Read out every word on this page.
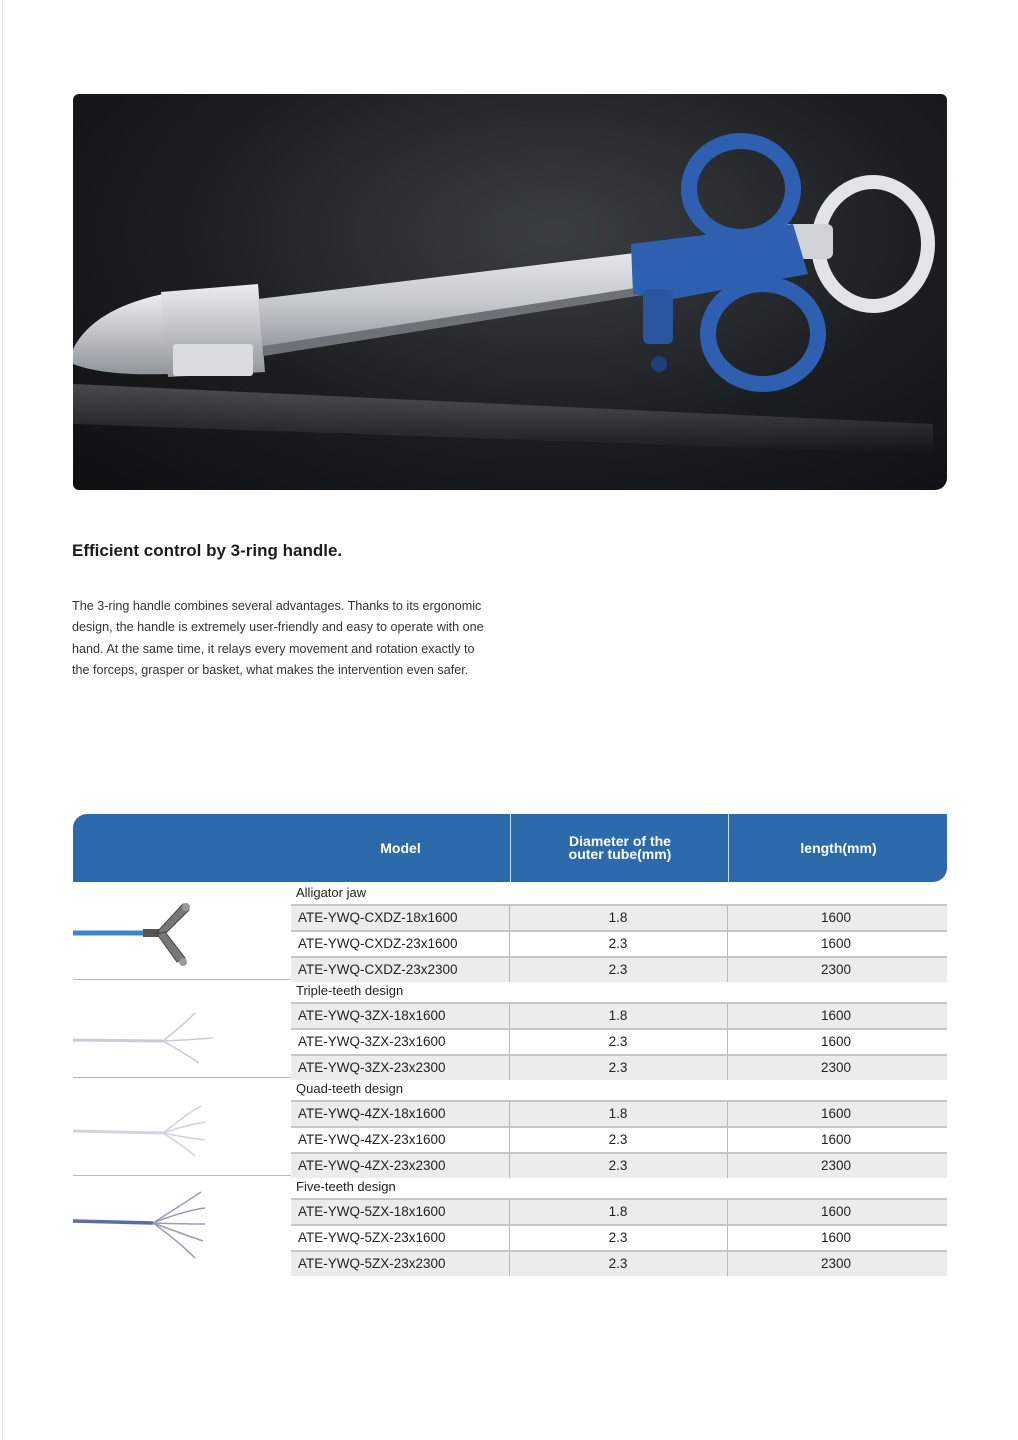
Efficient control by 3-ring handle.

The 3-ring handle combines several advantages. Thanks to its ergonomic design, the handle is extremely user-friendly and easy to operate with one hand. At the same time, it relays every movement and rotation exactly to the forceps, grasper or basket, what makes the intervention even safer.

Model	Diameter of the outer tube(mm)	length(mm)
Alligator jaw
ATE-YWQ-CXDZ-18x1600	1.8	1600
ATE-YWQ-CXDZ-23x1600	2.3	1600
ATE-YWQ-CXDZ-23x2300	2.3	2300
Triple-teeth design
ATE-YWQ-3ZX-18x1600	1.8	1600
ATE-YWQ-3ZX-23x1600	2.3	1600
ATE-YWQ-3ZX-23x2300	2.3	2300
Quad-teeth design
ATE-YWQ-4ZX-18x1600	1.8	1600
ATE-YWQ-4ZX-23x1600	2.3	1600
ATE-YWQ-4ZX-23x2300	2.3	2300
Five-teeth design
ATE-YWQ-5ZX-18x1600	1.8	1600
ATE-YWQ-5ZX-23x1600	2.3	1600
ATE-YWQ-5ZX-23x2300	2.3	2300
